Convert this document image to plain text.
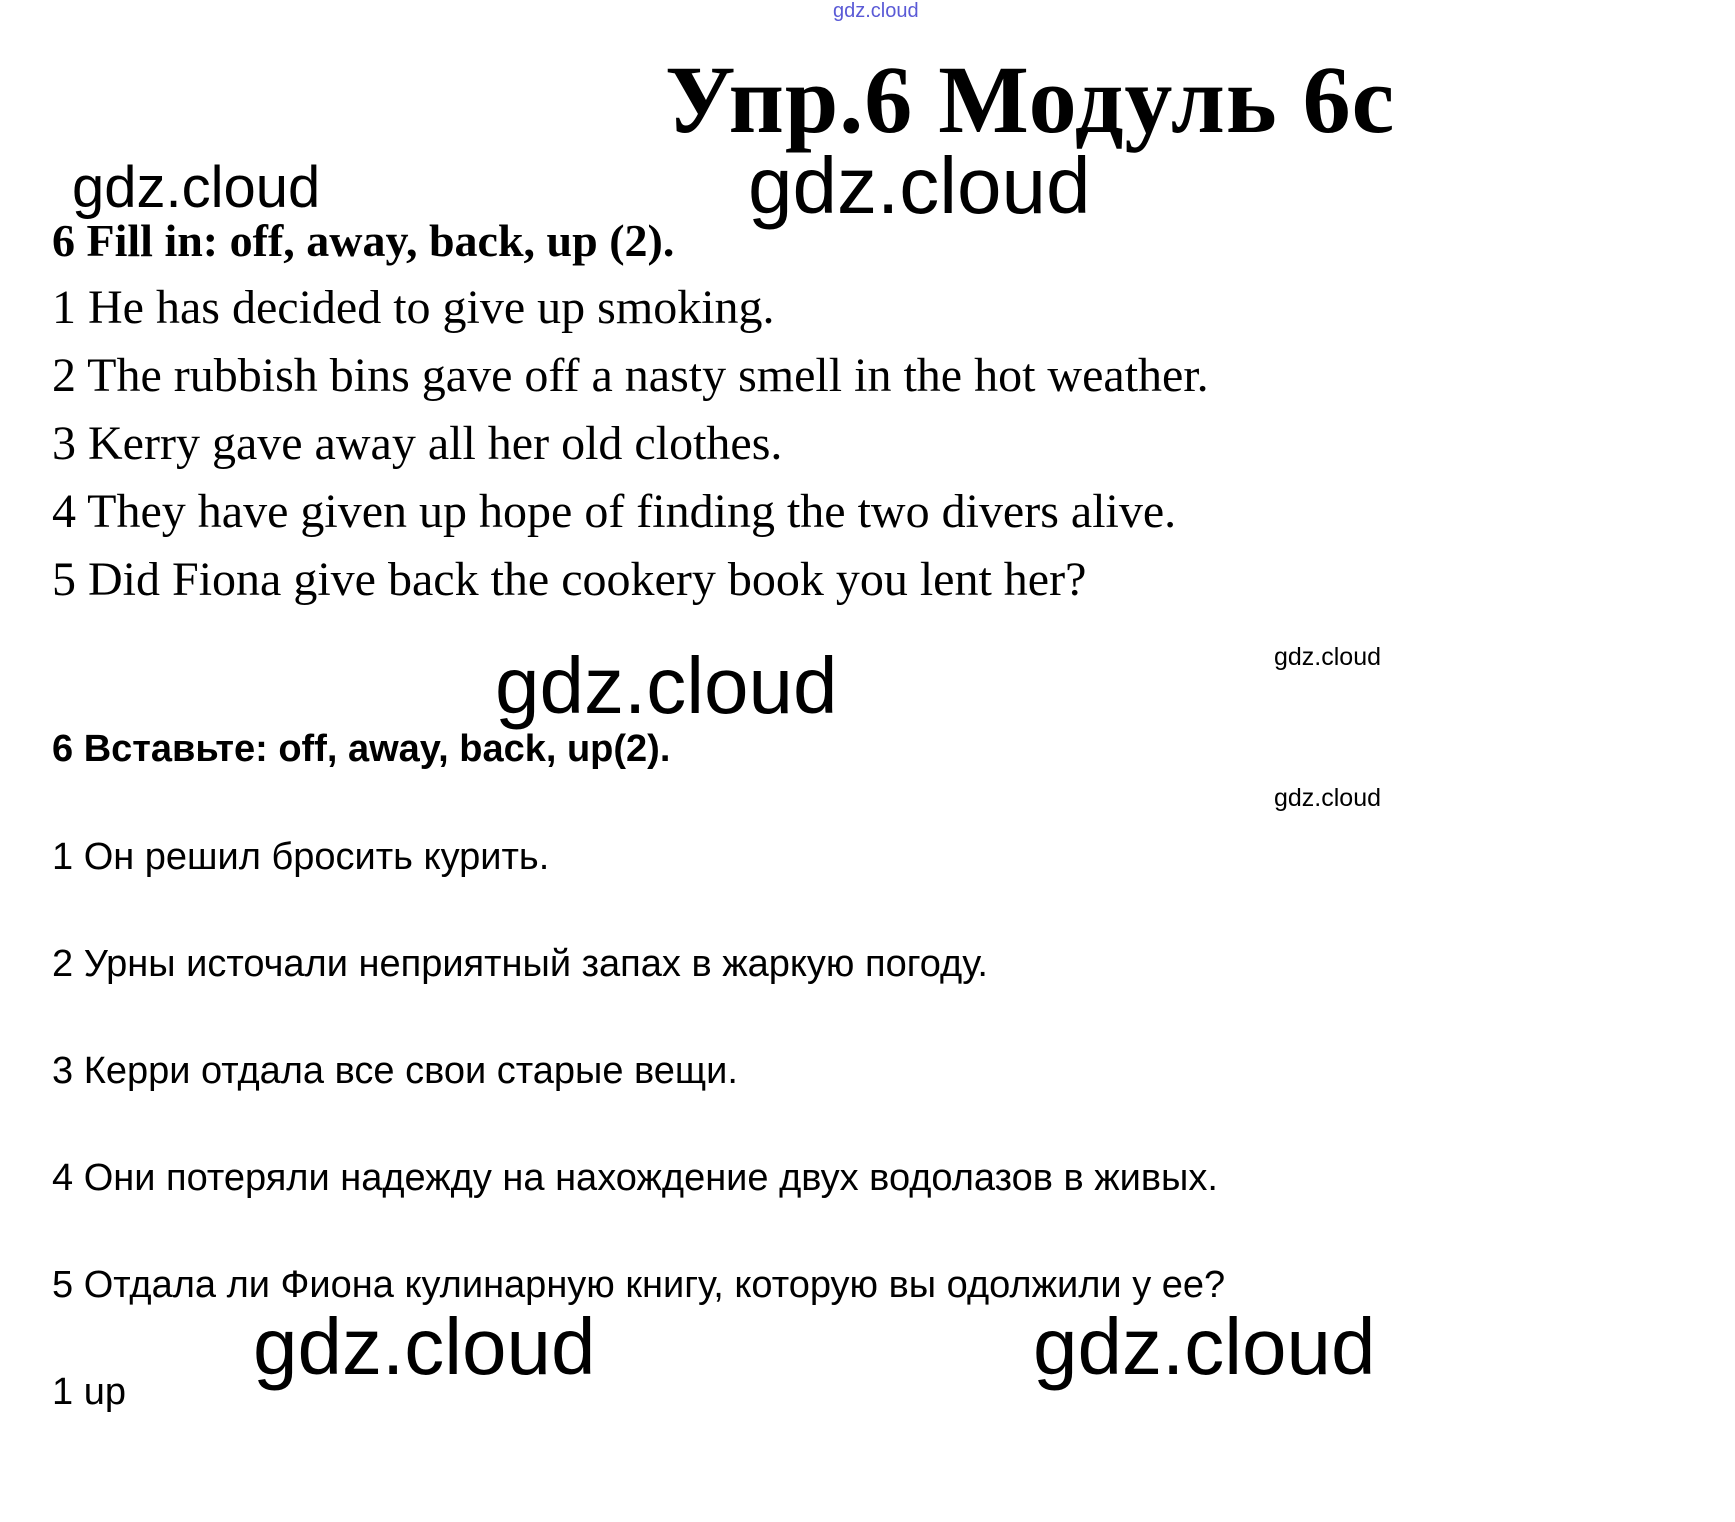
gdz.cloud
Упр.6 Модуль 6с
gdz.cloud	gdz.cloud
6 Fill in: off, away, back, up (2).
1 He has decided to give up smoking.
2 The rubbish bins gave off a nasty smell in the hot weather.
3 Kerry gave away all her old clothes.
4 They have given up hope of finding the two divers alive.
5 Did Fiona give back the cookery book you lent her?
gdz.cloud	gdz.cloud
6 Вставьте: off, away, back, up(2).
gdz.cloud
1 Он решил бросить курить.
2 Урны источали неприятный запах в жаркую погоду.
3 Керри отдала все свои старые вещи.
4 Они потеряли надежду на нахождение двух водолазов в живых.
5 Отдала ли Фиона кулинарную книгу, которую вы одолжили у ее?
gdz.cloud	gdz.cloud
1 up
